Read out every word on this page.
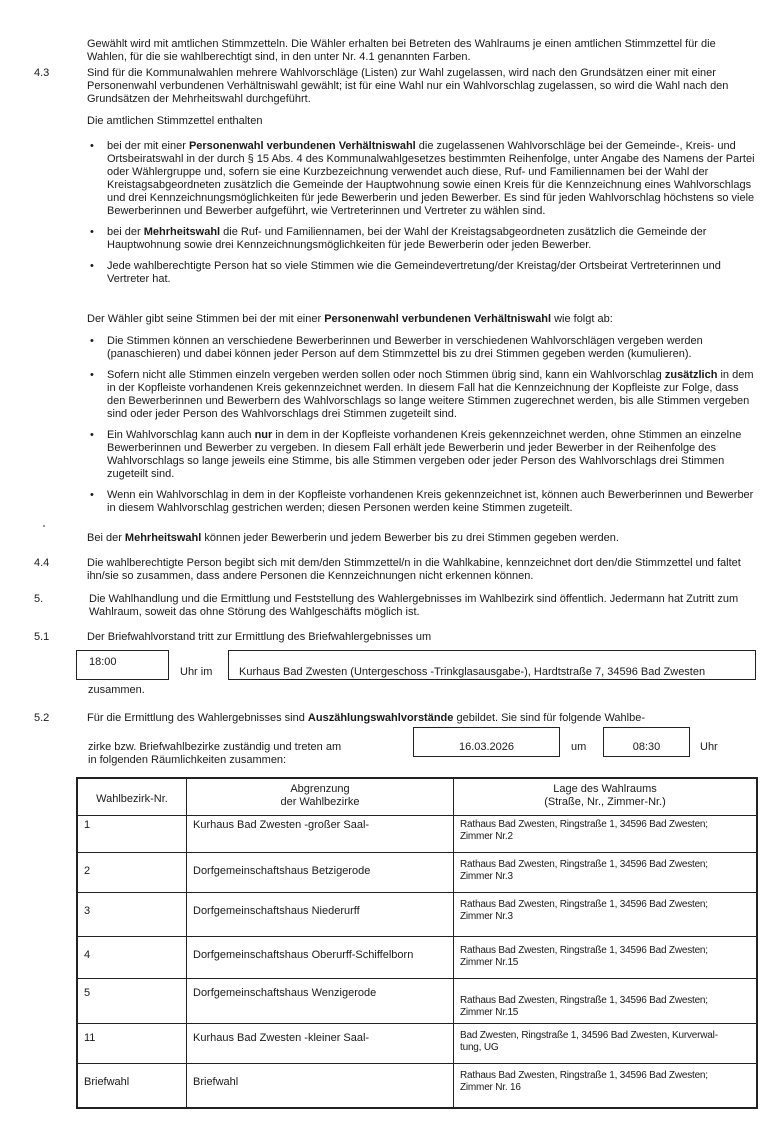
Gewählt wird mit amtlichen Stimmzetteln. Die Wähler erhalten bei Betreten des Wahlraums je einen amtlichen Stimmzettel für die Wahlen, für die sie wahlberechtigt sind, in den unter Nr. 4.1 genannten Farben.
4.3	Sind für die Kommunalwahlen mehrere Wahlvorschläge (Listen) zur Wahl zugelassen, wird nach den Grundsätzen einer mit einer Personenwahl verbundenen Verhältniswahl gewählt; ist für eine Wahl nur ein Wahlvorschlag zugelassen, so wird die Wahl nach den Grundsätzen der Mehrheitswahl durchgeführt.
Die amtlichen Stimmzettel enthalten
• bei der mit einer Personenwahl verbundenen Verhältniswahl die zugelassenen Wahlvorschläge bei der Gemeinde-, Kreis- und Ortsbeiratswahl in der durch § 15 Abs. 4 des Kommunalwahlgesetzes bestimmten Reihenfolge, unter Angabe des Namens der Partei oder Wählergruppe und, sofern sie eine Kurzbezeichnung verwendet auch diese, Ruf- und Familiennamen bei der Wahl der Kreistagsabgeordneten zusätzlich die Gemeinde der Hauptwohnung sowie einen Kreis für die Kennzeichnung eines Wahlvorschlags und drei Kennzeichnungsmöglichkeiten für jede Bewerberin und jeden Bewerber. Es sind für jeden Wahlvorschlag höchstens so viele Bewerberinnen und Bewerber aufgeführt, wie Vertreterinnen und Vertreter zu wählen sind.
• bei der Mehrheitswahl die Ruf- und Familiennamen, bei der Wahl der Kreistagsabgeordneten zusätzlich die Gemeinde der Hauptwohnung sowie drei Kennzeichnungsmöglichkeiten für jede Bewerberin oder jeden Bewerber.
• Jede wahlberechtigte Person hat so viele Stimmen wie die Gemeindevertretung/der Kreistag/der Ortsbeirat Vertreterinnen und Vertreter hat.
Der Wähler gibt seine Stimmen bei der mit einer Personenwahl verbundenen Verhältniswahl wie folgt ab:
• Die Stimmen können an verschiedene Bewerberinnen und Bewerber in verschiedenen Wahlvorschlägen vergeben werden (panaschieren) und dabei können jeder Person auf dem Stimmzettel bis zu drei Stimmen gegeben werden (kumulieren).
• Sofern nicht alle Stimmen einzeln vergeben werden sollen oder noch Stimmen übrig sind, kann ein Wahlvorschlag zusätzlich in dem in der Kopfleiste vorhandenen Kreis gekennzeichnet werden. In diesem Fall hat die Kennzeichnung der Kopfleiste zur Folge, dass den Bewerberinnen und Bewerbern des Wahlvorschlags so lange weitere Stimmen zugerechnet werden, bis alle Stimmen vergeben sind oder jeder Person des Wahlvorschlags drei Stimmen zugeteilt sind.
• Ein Wahlvorschlag kann auch nur in dem in der Kopfleiste vorhandenen Kreis gekennzeichnet werden, ohne Stimmen an einzelne Bewerberinnen und Bewerber zu vergeben. In diesem Fall erhält jede Bewerberin und jeder Bewerber in der Reihenfolge des Wahlvorschlags so lange jeweils eine Stimme, bis alle Stimmen vergeben oder jeder Person des Wahlvorschlags drei Stimmen zugeteilt sind.
• Wenn ein Wahlvorschlag in dem in der Kopfleiste vorhandenen Kreis gekennzeichnet ist, können auch Bewerberinnen und Bewerber in diesem Wahlvorschlag gestrichen werden; diesen Personen werden keine Stimmen zugeteilt.
Bei der Mehrheitswahl können jeder Bewerberin und jedem Bewerber bis zu drei Stimmen gegeben werden.
4.4	Die wahlberechtigte Person begibt sich mit dem/den Stimmzettel/n in die Wahlkabine, kennzeichnet dort den/die Stimmzettel und faltet ihn/sie so zusammen, dass andere Personen die Kennzeichnungen nicht erkennen können.
5.	Die Wahlhandlung und die Ermittlung und Feststellung des Wahlergebnisses im Wahlbezirk sind öffentlich. Jedermann hat Zutritt zum Wahlraum, soweit das ohne Störung des Wahlgeschäfts möglich ist.
5.1	Der Briefwahlvorstand tritt zur Ermittlung des Briefwahlergebnisses um
18:00
Uhr im Kurhaus Bad Zwesten (Untergeschoss -Trinkglasausgabe-), Hardtstraße 7, 34596 Bad Zwesten
zusammen.
5.2	Für die Ermittlung des Wahlergebnisses sind Auszählungswahlvorstände gebildet. Sie sind für folgende Wahlbe-
zirke bzw. Briefwahlbezirke zuständig und treten am
in folgenden Räumlichkeiten zusammen:
16.03.2026	um	08:30	Uhr
Wahlbezirk-Nr.	
Abgrenzung
der Wahlbezirke

Lage des Wahlraums
(Straße, Nr., Zimmer-Nr.)

1	Kurhaus Bad Zwesten -großer Saal-	Rathaus Bad Zwesten, Ringstraße 1, 34596 Bad Zwesten;
Zimmer Nr.2

2	Dorfgemeinschaftshaus Betzigerode	Rathaus Bad Zwesten, Ringstraße 1, 34596 Bad Zwesten;
Zimmer Nr.3

3	Dorfgemeinschaftshaus Niederurff	Rathaus Bad Zwesten, Ringstraße 1, 34596 Bad Zwesten;
Zimmer Nr.3

4	Dorfgemeinschaftshaus Oberurff-Schiffelborn	Rathaus Bad Zwesten, Ringstraße 1, 34596 Bad Zwesten;
Zimmer Nr.15

5	Dorfgemeinschaftshaus Wenzigerode	Rathaus Bad Zwesten, Ringstraße 1, 34596 Bad Zwesten;
Zimmer Nr.15

11	Kurhaus Bad Zwesten -kleiner Saal-	Bad Zwesten, Ringstraße 1, 34596 Bad Zwesten, Kurverwal-
tung, UG

Briefwahl	Briefwahl	Rathaus Bad Zwesten, Ringstraße 1, 34596 Bad Zwesten;
Zimmer Nr. 16
